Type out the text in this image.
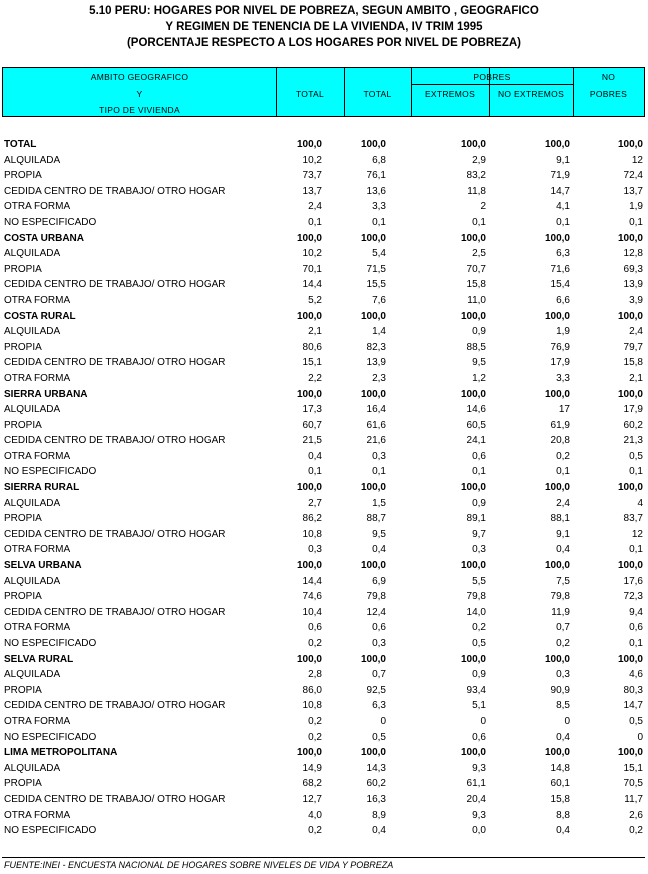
5.10 PERU: HOGARES POR NIVEL DE POBREZA, SEGUN AMBITO , GEOGRAFICO
Y REGIMEN DE TENENCIA DE LA VIVIENDA, IV TRIM 1995
(PORCENTAJE RESPECTO A LOS HOGARES POR NIVEL DE POBREZA)
AMBITO GEOGRAFICO
Y
TIPO DE VIVIENDA
TOTAL	TOTAL
POBRES
EXTREMOS	NO EXTREMOS
NO
POBRES
TOTAL	100,0	100,0	100,0	100,0	100,0
ALQUILADA	10,2	6,8	2,9	9,1	12
PROPIA	73,7	76,1	83,2	71,9	72,4
CEDIDA CENTRO DE TRABAJO/ OTRO HOGAR	13,7	13,6	11,8	14,7	13,7
OTRA FORMA	2,4	3,3	2	4,1	1,9
NO ESPECIFICADO	0,1	0,1	0,1	0,1	0,1
COSTA URBANA	100,0	100,0	100,0	100,0	100,0
ALQUILADA	10,2	5,4	2,5	6,3	12,8
PROPIA	70,1	71,5	70,7	71,6	69,3
CEDIDA CENTRO DE TRABAJO/ OTRO HOGAR	14,4	15,5	15,8	15,4	13,9
OTRA FORMA	5,2	7,6	11,0	6,6	3,9
COSTA RURAL	100,0	100,0	100,0	100,0	100,0
ALQUILADA	2,1	1,4	0,9	1,9	2,4
PROPIA	80,6	82,3	88,5	76,9	79,7
CEDIDA CENTRO DE TRABAJO/ OTRO HOGAR	15,1	13,9	9,5	17,9	15,8
OTRA FORMA	2,2	2,3	1,2	3,3	2,1
SIERRA URBANA	100,0	100,0	100,0	100,0	100,0
ALQUILADA	17,3	16,4	14,6	17	17,9
PROPIA	60,7	61,6	60,5	61,9	60,2
CEDIDA CENTRO DE TRABAJO/ OTRO HOGAR	21,5	21,6	24,1	20,8	21,3
OTRA FORMA	0,4	0,3	0,6	0,2	0,5
NO ESPECIFICADO	0,1	0,1	0,1	0,1	0,1
SIERRA RURAL	100,0	100,0	100,0	100,0	100,0
ALQUILADA	2,7	1,5	0,9	2,4	4
PROPIA	86,2	88,7	89,1	88,1	83,7
CEDIDA CENTRO DE TRABAJO/ OTRO HOGAR	10,8	9,5	9,7	9,1	12
OTRA FORMA	0,3	0,4	0,3	0,4	0,1
SELVA URBANA	100,0	100,0	100,0	100,0	100,0
ALQUILADA	14,4	6,9	5,5	7,5	17,6
PROPIA	74,6	79,8	79,8	79,8	72,3
CEDIDA CENTRO DE TRABAJO/ OTRO HOGAR	10,4	12,4	14,0	11,9	9,4
OTRA FORMA	0,6	0,6	0,2	0,7	0,6
NO ESPECIFICADO	0,2	0,3	0,5	0,2	0,1
SELVA RURAL	100,0	100,0	100,0	100,0	100,0
ALQUILADA	2,8	0,7	0,9	0,3	4,6
PROPIA	86,0	92,5	93,4	90,9	80,3
CEDIDA CENTRO DE TRABAJO/ OTRO HOGAR	10,8	6,3	5,1	8,5	14,7
OTRA FORMA	0,2	0	0	0	0,5
NO ESPECIFICADO	0,2	0,5	0,6	0,4	0
LIMA METROPOLITANA	100,0	100,0	100,0	100,0	100,0
ALQUILADA	14,9	14,3	9,3	14,8	15,1
PROPIA	68,2	60,2	61,1	60,1	70,5
CEDIDA CENTRO DE TRABAJO/ OTRO HOGAR	12,7	16,3	20,4	15,8	11,7
OTRA FORMA	4,0	8,9	9,3	8,8	2,6
NO ESPECIFICADO	0,2	0,4	0,0	0,4	0,2
FUENTE:INEI - ENCUESTA NACIONAL DE HOGARES SOBRE NIVELES DE VIDA Y POBREZA
